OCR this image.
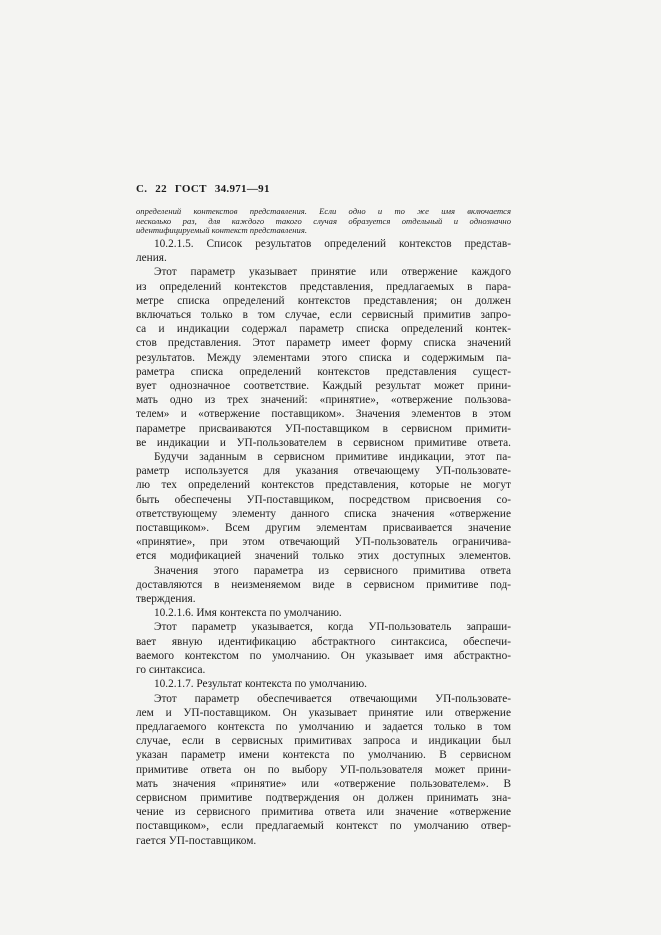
С. 22 ГОСТ 34.971—91
определений контекстов представления. Если одно и то же имя включается
несколько раз, для каждого такого случая образуется отдельный и однозначно
идентифицируемый контекст представления.
10.2.1.5. Список результатов определений контекстов представ-
ления.
Этот параметр указывает принятие или отвержение каждого
из определений контекстов представления, предлагаемых в пара-
метре списка определений контекстов представления; он должен
включаться только в том случае, если сервисный примитив запро-
са и индикации содержал параметр списка определений контек-
стов представления. Этот параметр имеет форму списка значений
результатов. Между элементами этого списка и содержимым па-
раметра списка определений контекстов представления сущест-
вует однозначное соответствие. Каждый результат может прини-
мать одно из трех значений: «принятие», «отвержение пользова-
телем» и «отвержение поставщиком». Значения элементов в этом
параметре присваиваются УП-поставщиком в сервисном примити-
ве индикации и УП-пользователем в сервисном примитиве ответа.
Будучи заданным в сервисном примитиве индикации, этот па-
раметр используется для указания отвечающему УП-пользовате-
лю тех определений контекстов представления, которые не могут
быть обеспечены УП-поставщиком, посредством присвоения со-
ответствующему элементу данного списка значения «отвержение
поставщиком». Всем другим элементам присваивается значение
«принятие», при этом отвечающий УП-пользователь ограничива-
ется модификацией значений только этих доступных элементов.
Значения этого параметра из сервисного примитива ответа
доставляются в неизменяемом виде в сервисном примитиве под-
тверждения.
10.2.1.6. Имя контекста по умолчанию.
Этот параметр указывается, когда УП-пользователь запраши-
вает явную идентификацию абстрактного синтаксиса, обеспечи-
ваемого контекстом по умолчанию. Он указывает имя абстрактно-
го синтаксиса.
10.2.1.7. Результат контекста по умолчанию.
Этот параметр обеспечивается отвечающими УП-пользовате-
лем и УП-поставщиком. Он указывает принятие или отвержение
предлагаемого контекста по умолчанию и задается только в том
случае, если в сервисных примитивах запроса и индикации был
указан параметр имени контекста по умолчанию. В сервисном
примитиве ответа он по выбору УП-пользователя может прини-
мать значения «принятие» или «отвержение пользователем». В
сервисном примитиве подтверждения он должен принимать зна-
чение из сервисного примитива ответа или значение «отвержение
поставщиком», если предлагаемый контекст по умолчанию отвер-
гается УП-поставщиком.
